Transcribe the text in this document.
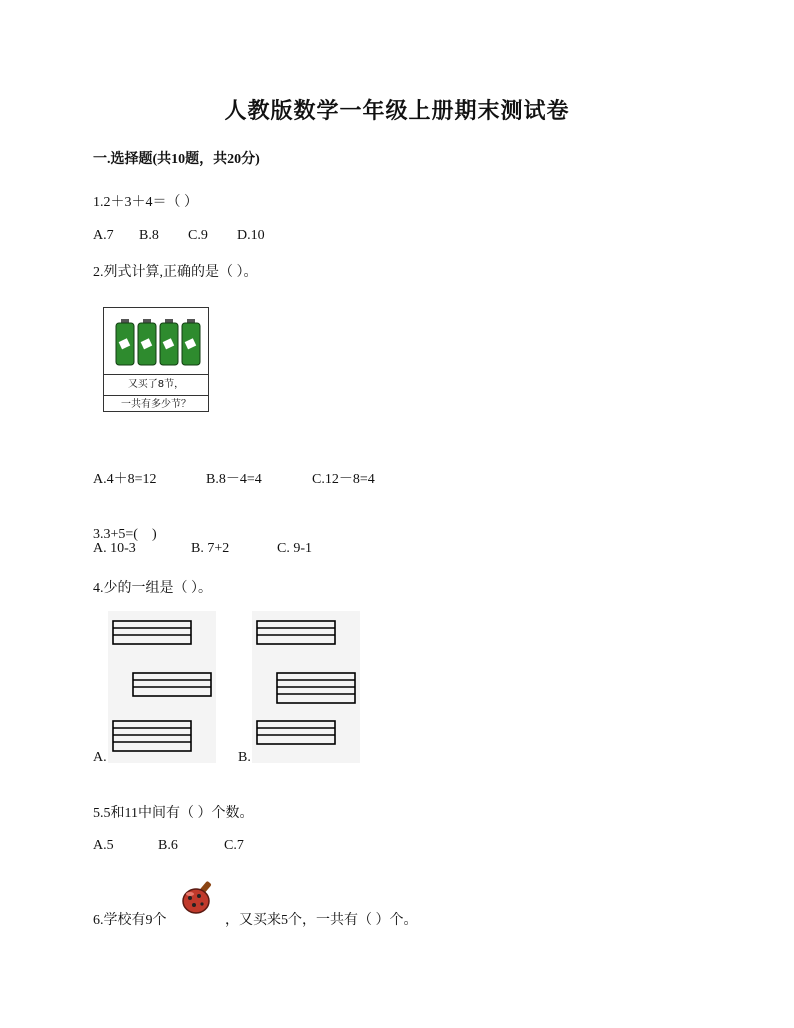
人教版数学一年级上册期末测试卷
一.选择题(共10题，共20分)
1.2＋3＋4＝（ ）
A.7 B.8 C.9 D.10
2.列式计算,正确的是（ ）。
又买了8节，
一共有多少节？
A.4＋8=12	B.8－4=4	C.12－8=4
3.3+5=(　)
A. 10-3	B. 7+2	C. 9-1
4.少的一组是（ ）。
A.	B.
5.5和11中间有（ ）个数。
A.5	B.6	C.7
6.学校有9个	，又买来5个，一共有（ ）个。
